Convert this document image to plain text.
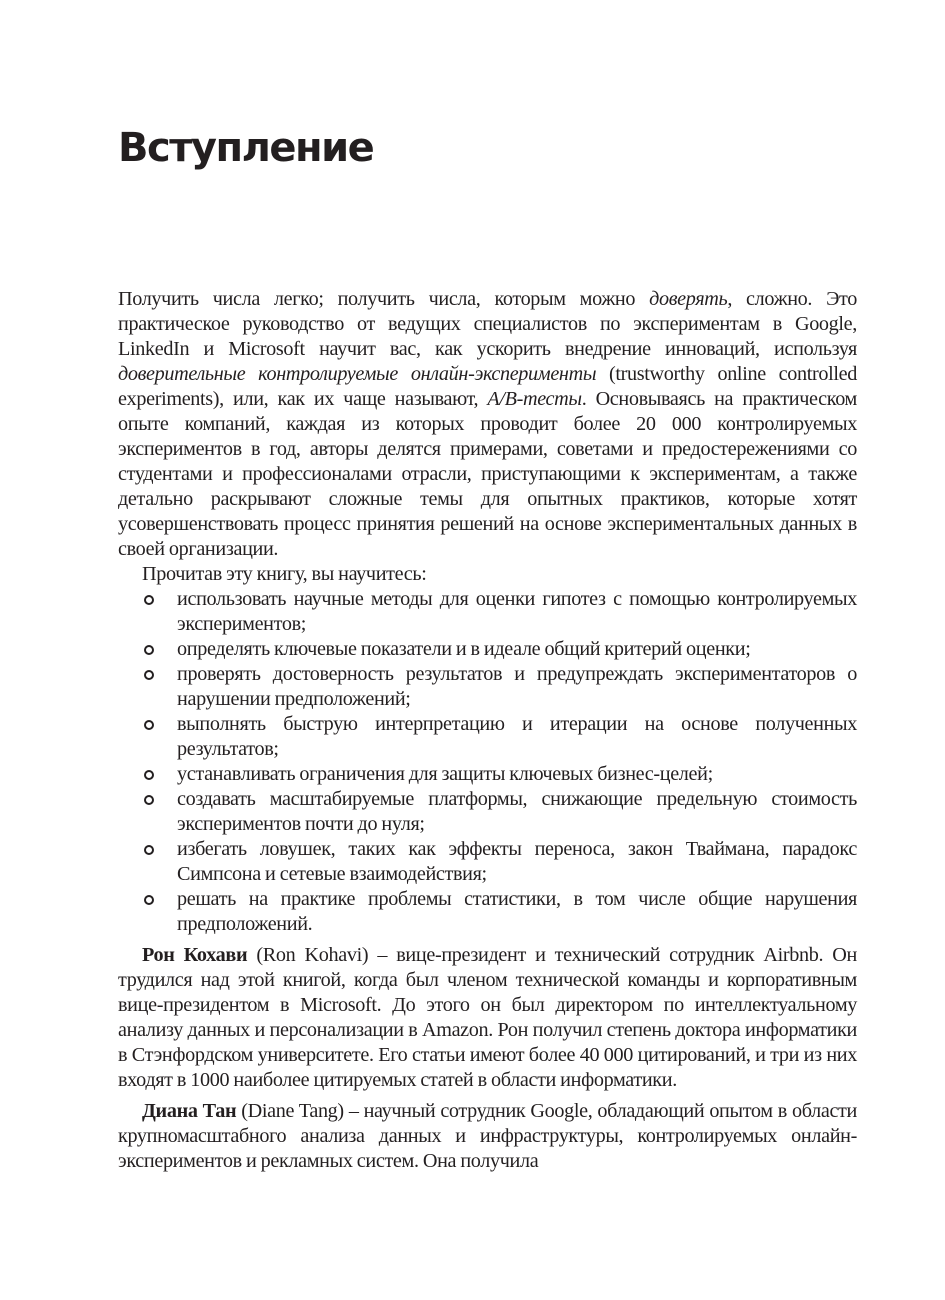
Вступление

Получить числа легко; получить числа, которым можно доверять, сложно. Это практическое руководство от ведущих специалистов по экспериментам в Google, LinkedIn и Microsoft научит вас, как ускорить внедрение инноваций, используя доверительные контролируемые онлайн-эксперименты (trustworthy online controlled experiments), или, как их чаще называют, A/B-тесты. Основываясь на практическом опыте компаний, каждая из которых проводит более 20 000 контролируемых экспериментов в год, авторы делятся примерами, советами и предостережениями со студентами и профессионалами отрасли, приступающими к экспериментам, а также детально раскрывают сложные темы для опытных практиков, которые хотят усовершенствовать процесс принятия решений на основе экспериментальных данных в своей организации.

Прочитав эту книгу, вы научитесь:

использовать научные методы для оценки гипотез с помощью контролируемых экспериментов;
определять ключевые показатели и в идеале общий критерий оценки;
проверять достоверность результатов и предупреждать экспериментаторов о нарушении предположений;
выполнять быструю интерпретацию и итерации на основе полученных результатов;
устанавливать ограничения для защиты ключевых бизнес-целей;
создавать масштабируемые платформы, снижающие предельную стоимость экспериментов почти до нуля;
избегать ловушек, таких как эффекты переноса, закон Тваймана, парадокс Симпсона и сетевые взаимодействия;
решать на практике проблемы статистики, в том числе общие нарушения предположений.

Рон Кохави (Ron Kohavi) – вице-президент и технический сотрудник Airbnb. Он трудился над этой книгой, когда был членом технической команды и корпоративным вице-президентом в Microsoft. До этого он был директором по интеллектуальному анализу данных и персонализации в Amazon. Рон получил степень доктора информатики в Стэнфордском университете. Его статьи имеют более 40 000 цитирований, и три из них входят в 1000 наиболее цитируемых статей в области информатики.

Диана Тан (Diane Tang) – научный сотрудник Google, обладающий опытом в области крупномасштабного анализа данных и инфраструктуры, контролируемых онлайн-экспериментов и рекламных систем. Она получила
